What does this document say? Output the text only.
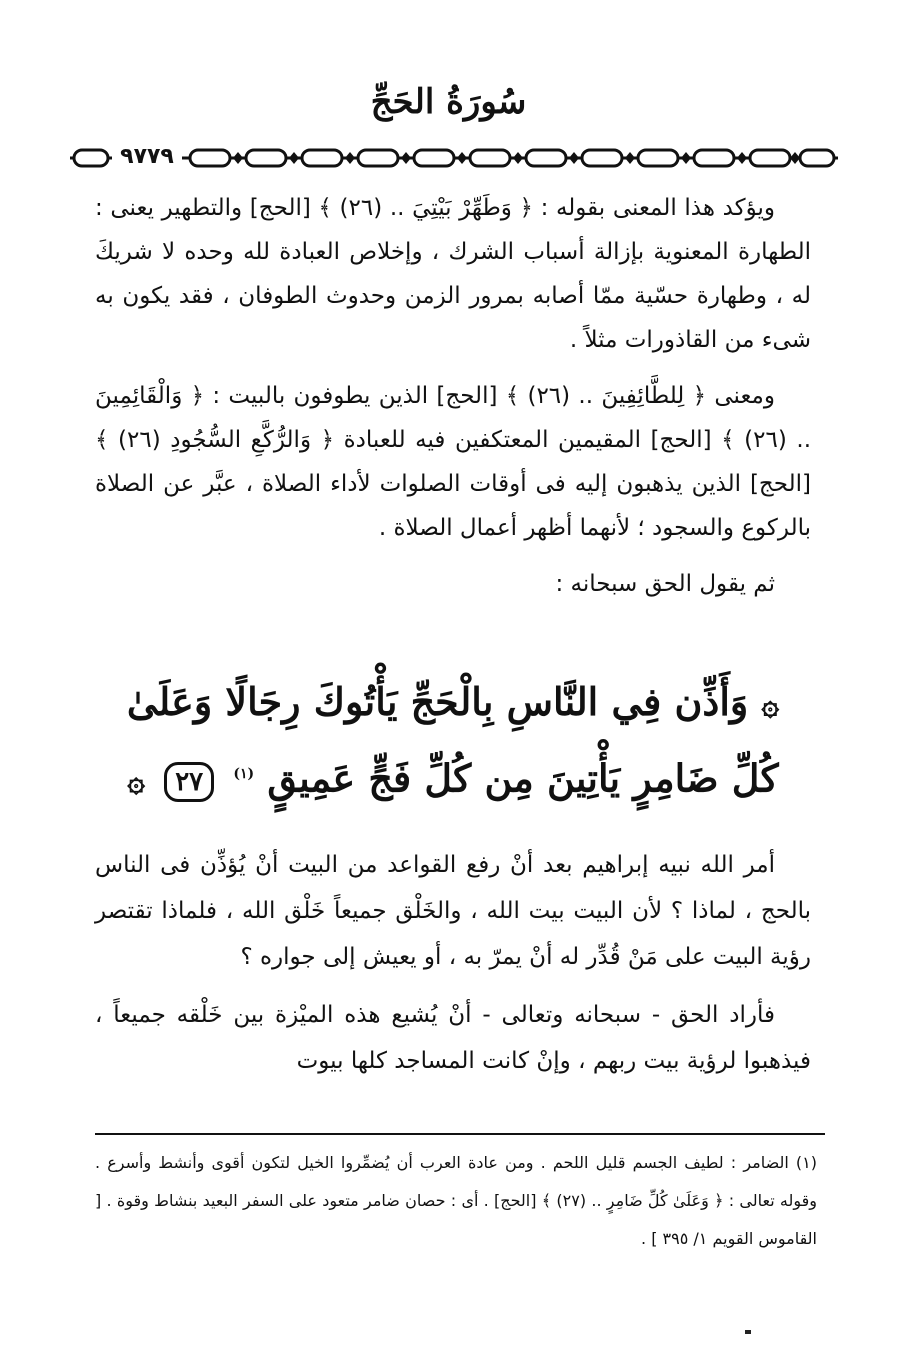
سُورَةُ الحَجِّ
٩٧٧٩

ويؤكد هذا المعنى بقوله : ﴿ وَطَهِّرْ بَيْتِيَ .. (٢٦) ﴾ [الحج] والتطهير يعنى : الطهارة المعنوية بإزالة أسباب الشرك ، وإخلاص العبادة لله وحده لا شريكَ له ، وطهارة حسّية ممّا أصابه بمرور الزمن وحدوث الطوفان ، فقد يكون به شىء من القاذورات مثلاً .

ومعنى ﴿ لِلطَّائِفِينَ .. (٢٦) ﴾ [الحج] الذين يطوفون بالبيت : ﴿ وَالْقَائِمِينَ .. (٢٦) ﴾ [الحج] المقيمين المعتكفين فيه للعبادة ﴿ وَالرُّكَّعِ السُّجُودِ (٢٦) ﴾ [الحج] الذين يذهبون إليه فى أوقات الصلوات لأداء الصلاة ، عبَّر عن الصلاة بالركوع والسجود ؛ لأنهما أظهر أعمال الصلاة .

ثم يقول الحق سبحانه :

۞ وَأَذِّن فِي النَّاسِ بِالْحَجِّ يَأْتُوكَ رِجَالًا وَعَلَىٰ
كُلِّ ضَامِرٍ يَأْتِينَ مِن كُلِّ فَجٍّ عَمِيقٍ $^{(١)}$ ٢٧ ۞

أمر الله نبيه إبراهيم بعد أنْ رفع القواعد من البيت أنْ يُؤذِّن فى الناس بالحج ، لماذا ؟ لأن البيت بيت الله ، والخَلْق جميعاً خَلْق الله ، فلماذا تقتصر رؤية البيت على مَنْ قُدِّر له أنْ يمرّ به ، أو يعيش إلى جواره ؟

فأراد الحق - سبحانه وتعالى - أنْ يُشيع هذه الميْزة بين خَلْقه جميعاً ، فيذهبوا لرؤية بيت ربهم ، وإنْ كانت المساجد كلها بيوت

(١) الضامر : لطيف الجسم قليل اللحم . ومن عادة العرب أن يُضمِّروا الخيل لتكون أقوى وأنشط وأسرع . وقوله تعالى : ﴿ وَعَلَىٰ كُلِّ ضَامِرٍ .. (٢٧) ﴾ [الحج] . أى : حصان ضامر متعود على السفر البعيد بنشاط وقوة . [ القاموس القويم ١/ ٣٩٥ ] .
